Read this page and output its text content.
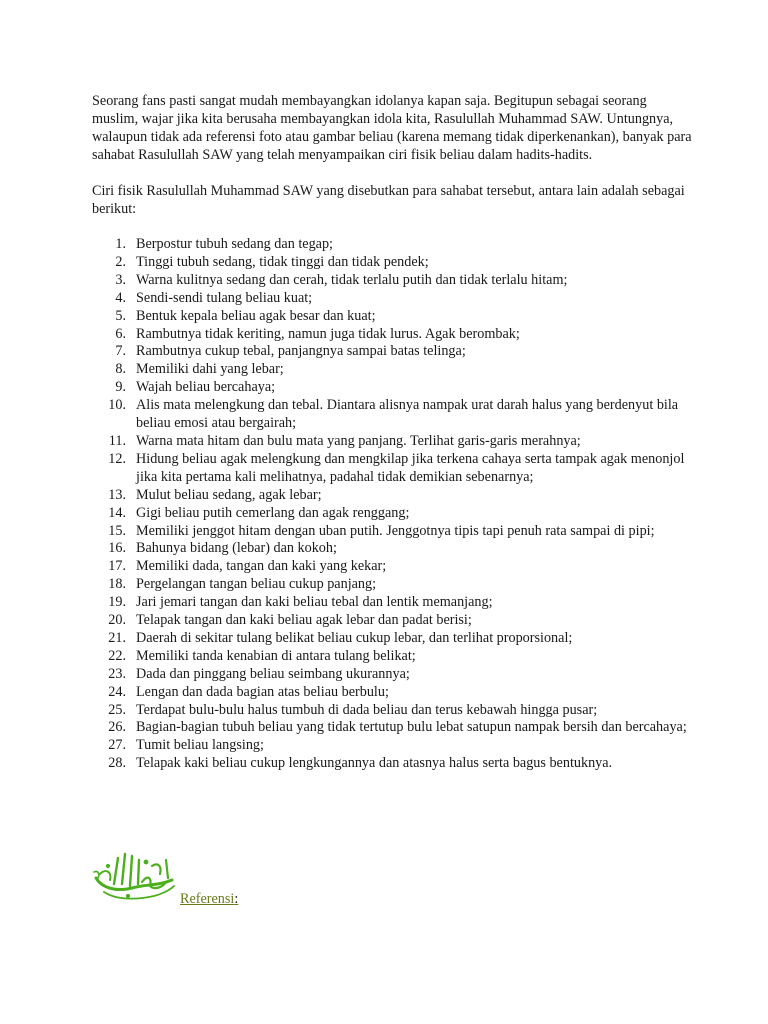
Seorang fans pasti sangat mudah membayangkan idolanya kapan saja. Begitupun sebagai seorang muslim, wajar jika kita berusaha membayangkan idola kita, Rasulullah Muhammad SAW. Untungnya, walaupun tidak ada referensi foto atau gambar beliau (karena memang tidak diperkenankan), banyak para sahabat Rasulullah SAW yang telah menyampaikan ciri fisik beliau dalam hadits-hadits.

Ciri fisik Rasulullah Muhammad SAW yang disebutkan para sahabat tersebut, antara lain adalah sebagai berikut:

1. Berpostur tubuh sedang dan tegap;
2. Tinggi tubuh sedang, tidak tinggi dan tidak pendek;
3. Warna kulitnya sedang dan cerah, tidak terlalu putih dan tidak terlalu hitam;
4. Sendi-sendi tulang beliau kuat;
5. Bentuk kepala beliau agak besar dan kuat;
6. Rambutnya tidak keriting, namun juga tidak lurus. Agak berombak;
7. Rambutnya cukup tebal, panjangnya sampai batas telinga;
8. Memiliki dahi yang lebar;
9. Wajah beliau bercahaya;
10. Alis mata melengkung dan tebal. Diantara alisnya nampak urat darah halus yang berdenyut bila beliau emosi atau bergairah;
11. Warna mata hitam dan bulu mata yang panjang. Terlihat garis-garis merahnya;
12. Hidung beliau agak melengkung dan mengkilap jika terkena cahaya serta tampak agak menonjol jika kita pertama kali melihatnya, padahal tidak demikian sebenarnya;
13. Mulut beliau sedang, agak lebar;
14. Gigi beliau putih cemerlang dan agak renggang;
15. Memiliki jenggot hitam dengan uban putih. Jenggotnya tipis tapi penuh rata sampai di pipi;
16. Bahunya bidang (lebar) dan kokoh;
17. Memiliki dada, tangan dan kaki yang kekar;
18. Pergelangan tangan beliau cukup panjang;
19. Jari jemari tangan dan kaki beliau tebal dan lentik memanjang;
20. Telapak tangan dan kaki beliau agak lebar dan padat berisi;
21. Daerah di sekitar tulang belikat beliau cukup lebar, dan terlihat proporsional;
22. Memiliki tanda kenabian di antara tulang belikat;
23. Dada dan pinggang beliau seimbang ukurannya;
24. Lengan dan dada bagian atas beliau berbulu;
25. Terdapat bulu-bulu halus tumbuh di dada beliau dan terus kebawah hingga pusar;
26. Bagian-bagian tubuh beliau yang tidak tertutup bulu lebat satupun nampak bersih dan bercahaya;
27. Tumit beliau langsing;
28. Telapak kaki beliau cukup lengkungannya dan atasnya halus serta bagus bentuknya.
Referensi:
